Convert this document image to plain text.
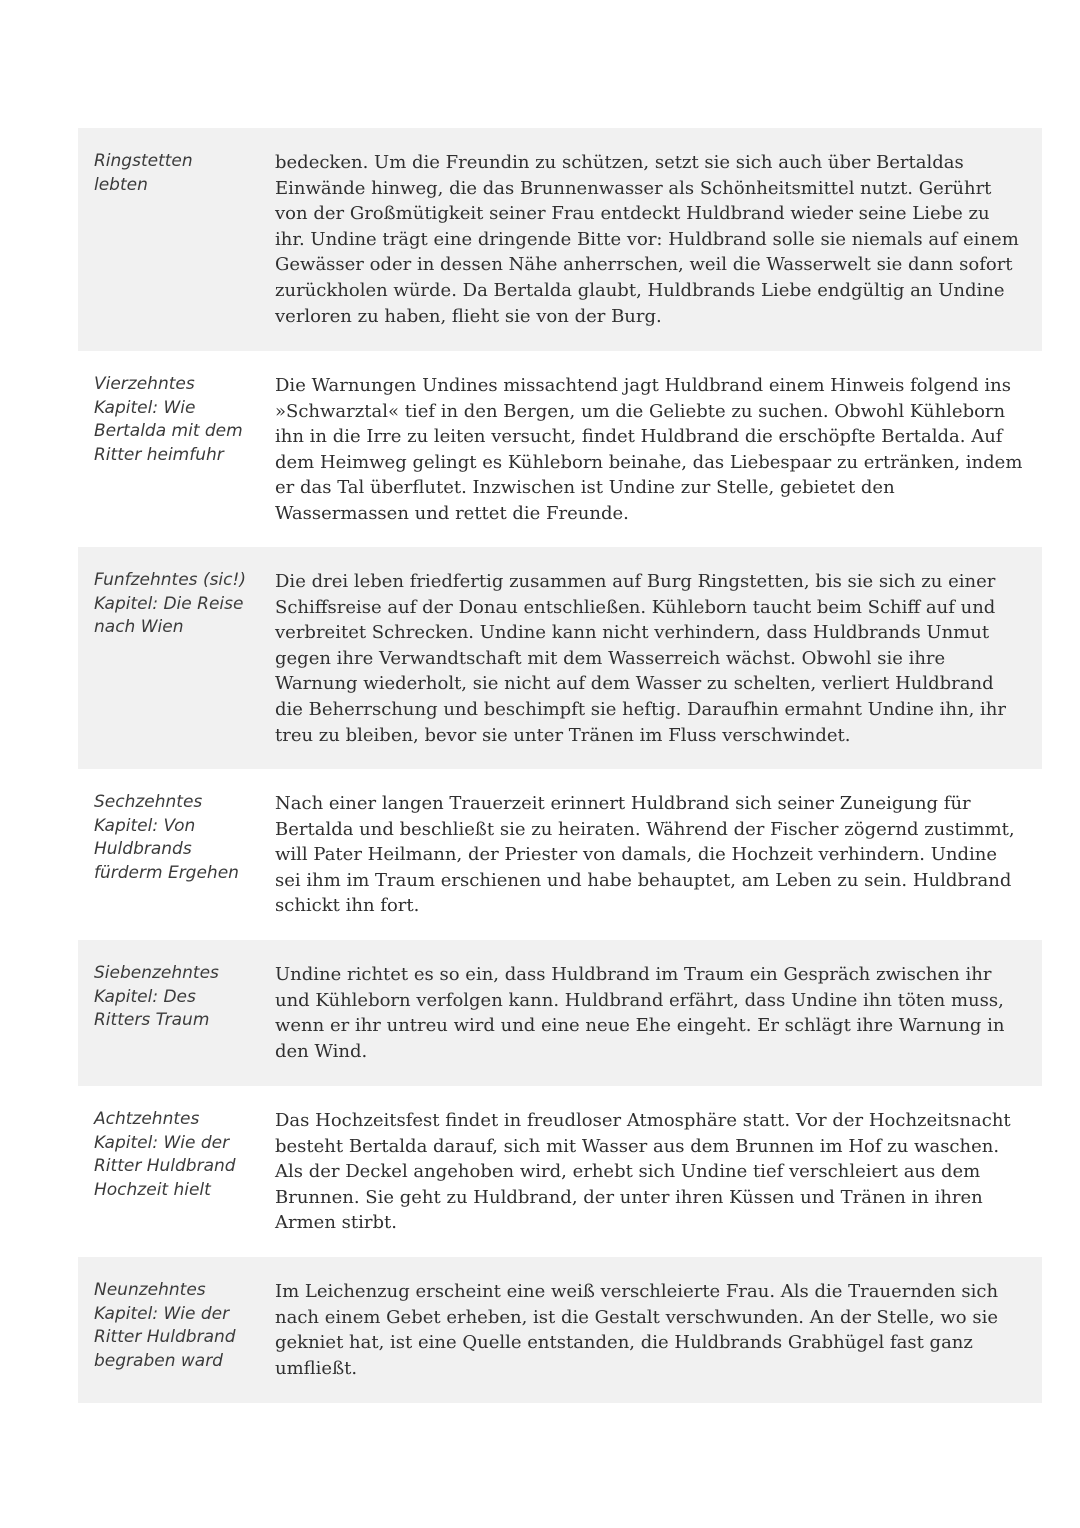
Ringstetten
lebten
bedecken. Um die Freundin zu schützen, setzt sie sich auch über Bertaldas Einwände hinweg, die das Brunnenwasser als Schönheitsmittel nutzt. Gerührt von der Großmütigkeit seiner Frau entdeckt Huldbrand wieder seine Liebe zu ihr. Undine trägt eine dringende Bitte vor: Huldbrand solle sie niemals auf einem Gewässer oder in dessen Nähe anherrschen, weil die Wasserwelt sie dann sofort zurückholen würde. Da Bertalda glaubt, Huldbrands Liebe endgültig an Undine verloren zu haben, flieht sie von der Burg.
Vierzehntes
Kapitel: Wie
Bertalda mit dem
Ritter heimfuhr
Die Warnungen Undines missachtend jagt Huldbrand einem Hinweis folgend ins »Schwarztal« tief in den Bergen, um die Geliebte zu suchen. Obwohl Kühleborn ihn in die Irre zu leiten versucht, findet Huldbrand die erschöpfte Bertalda. Auf dem Heimweg gelingt es Kühleborn beinahe, das Liebespaar zu ertränken, indem er das Tal überflutet. Inzwischen ist Undine zur Stelle, gebietet den Wassermassen und rettet die Freunde.
Funfzehntes (sic!)
Kapitel: Die Reise
nach Wien
Die drei leben friedfertig zusammen auf Burg Ringstetten, bis sie sich zu einer Schiffsreise auf der Donau entschließen. Kühleborn taucht beim Schiff auf und verbreitet Schrecken. Undine kann nicht verhindern, dass Huldbrands Unmut gegen ihre Verwandtschaft mit dem Wasserreich wächst. Obwohl sie ihre Warnung wiederholt, sie nicht auf dem Wasser zu schelten, verliert Huldbrand die Beherrschung und beschimpft sie heftig. Daraufhin ermahnt Undine ihn, ihr treu zu bleiben, bevor sie unter Tränen im Fluss verschwindet.
Sechzehntes
Kapitel: Von
Huldbrands
fürderm Ergehen
Nach einer langen Trauerzeit erinnert Huldbrand sich seiner Zuneigung für Bertalda und beschließt sie zu heiraten. Während der Fischer zögernd zustimmt, will Pater Heilmann, der Priester von damals, die Hochzeit verhindern. Undine sei ihm im Traum erschienen und habe behauptet, am Leben zu sein. Huldbrand schickt ihn fort.
Siebenzehntes
Kapitel: Des
Ritters Traum
Undine richtet es so ein, dass Huldbrand im Traum ein Gespräch zwischen ihr und Kühleborn verfolgen kann. Huldbrand erfährt, dass Undine ihn töten muss, wenn er ihr untreu wird und eine neue Ehe eingeht. Er schlägt ihre Warnung in den Wind.
Achtzehntes
Kapitel: Wie der
Ritter Huldbrand
Hochzeit hielt
Das Hochzeitsfest findet in freudloser Atmosphäre statt. Vor der Hochzeitsnacht besteht Bertalda darauf, sich mit Wasser aus dem Brunnen im Hof zu waschen. Als der Deckel angehoben wird, erhebt sich Undine tief verschleiert aus dem Brunnen. Sie geht zu Huldbrand, der unter ihren Küssen und Tränen in ihren Armen stirbt.
Neunzehntes
Kapitel: Wie der
Ritter Huldbrand
begraben ward
Im Leichenzug erscheint eine weiß verschleierte Frau. Als die Trauernden sich nach einem Gebet erheben, ist die Gestalt verschwunden. An der Stelle, wo sie gekniet hat, ist eine Quelle entstanden, die Huldbrands Grabhügel fast ganz umfließt.
